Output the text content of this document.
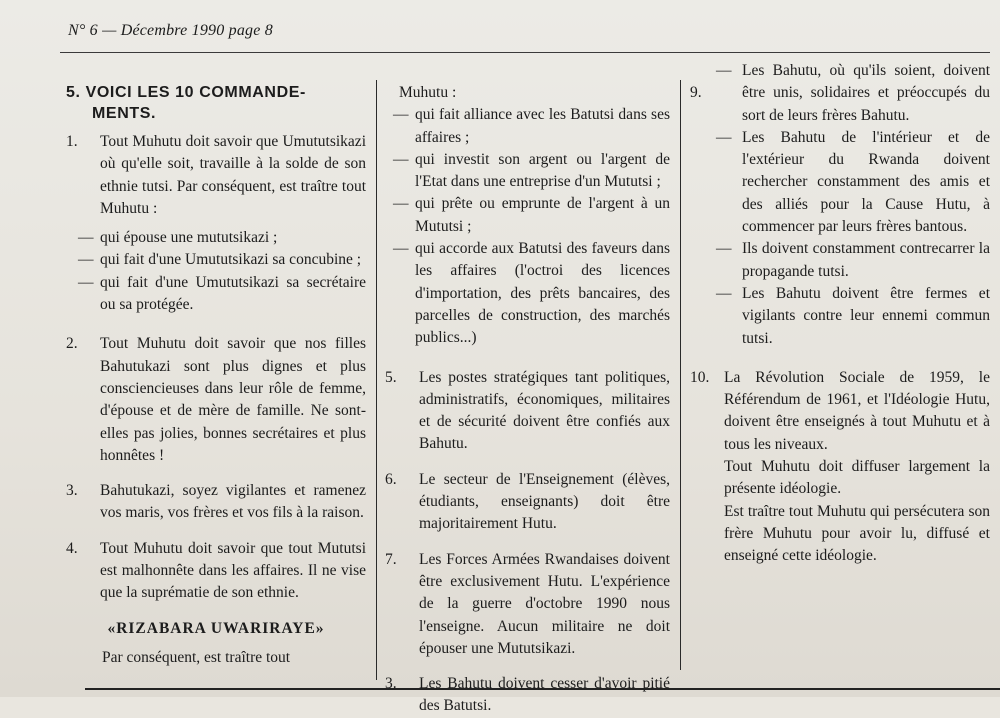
N° 6 — Décembre 1990 page 8
5. VOICI LES 10 COMMANDE-
MENTS.
1. Tout Muhutu doit savoir que Umututsikazi où qu'elle soit, travaille à la solde de son ethnie tutsi. Par conséquent, est traître tout Muhutu :
— qui épouse une mututsikazi ;
— qui fait d'une Umututsikazi sa concubine ;
— qui fait d'une Umututsikazi sa secrétaire ou sa protégée.
2. Tout Muhutu doit savoir que nos filles Bahutukazi sont plus dignes et plus consciencieuses dans leur rôle de femme, d'épouse et de mère de famille. Ne sont-elles pas jolies, bonnes secrétaires et plus honnêtes !
3. Bahutukazi, soyez vigilantes et ramenez vos maris, vos frères et vos fils à la raison.
4. Tout Muhutu doit savoir que tout Mututsi est malhonnête dans les affaires. Il ne vise que la suprématie de son ethnie.
«RIZABARA UWARIRAYE»
Par conséquent, est traître tout
Muhutu :
— qui fait alliance avec les Batutsi dans ses affaires ;
— qui investit son argent ou l'argent de l'Etat dans une entreprise d'un Mututsi ;
— qui prête ou emprunte de l'argent à un Mututsi ;
— qui accorde aux Batutsi des faveurs dans les affaires (l'octroi des licences d'importation, des prêts bancaires, des parcelles de construction, des marchés publics...)
5. Les postes stratégiques tant politiques, administratifs, économiques, militaires et de sécurité doivent être confiés aux Bahutu.
6. Le secteur de l'Enseignement (élèves, étudiants, enseignants) doit être majoritairement Hutu.
7. Les Forces Armées Rwandaises doivent être exclusivement Hutu. L'expérience de la guerre d'octobre 1990 nous l'enseigne. Aucun militaire ne doit épouser une Mututsikazi.
3. Les Bahutu doivent cesser d'avoir pitié des Batutsi.
9.
— Les Bahutu, où qu'ils soient, doivent être unis, solidaires et préoccupés du sort de leurs frères Bahutu.
— Les Bahutu de l'intérieur et de l'extérieur du Rwanda doivent rechercher constamment des amis et des alliés pour la Cause Hutu, à commencer par leurs frères bantous.
— Ils doivent constamment contrecarrer la propagande tutsi.
— Les Bahutu doivent être fermes et vigilants contre leur ennemi commun tutsi.
10. La Révolution Sociale de 1959, le Référendum de 1961, et l'Idéologie Hutu, doivent être enseignés à tout Muhutu et à tous les niveaux.
Tout Muhutu doit diffuser largement la présente idéologie.
Est traître tout Muhutu qui persécutera son frère Muhutu pour avoir lu, diffusé et enseigné cette idéologie.
